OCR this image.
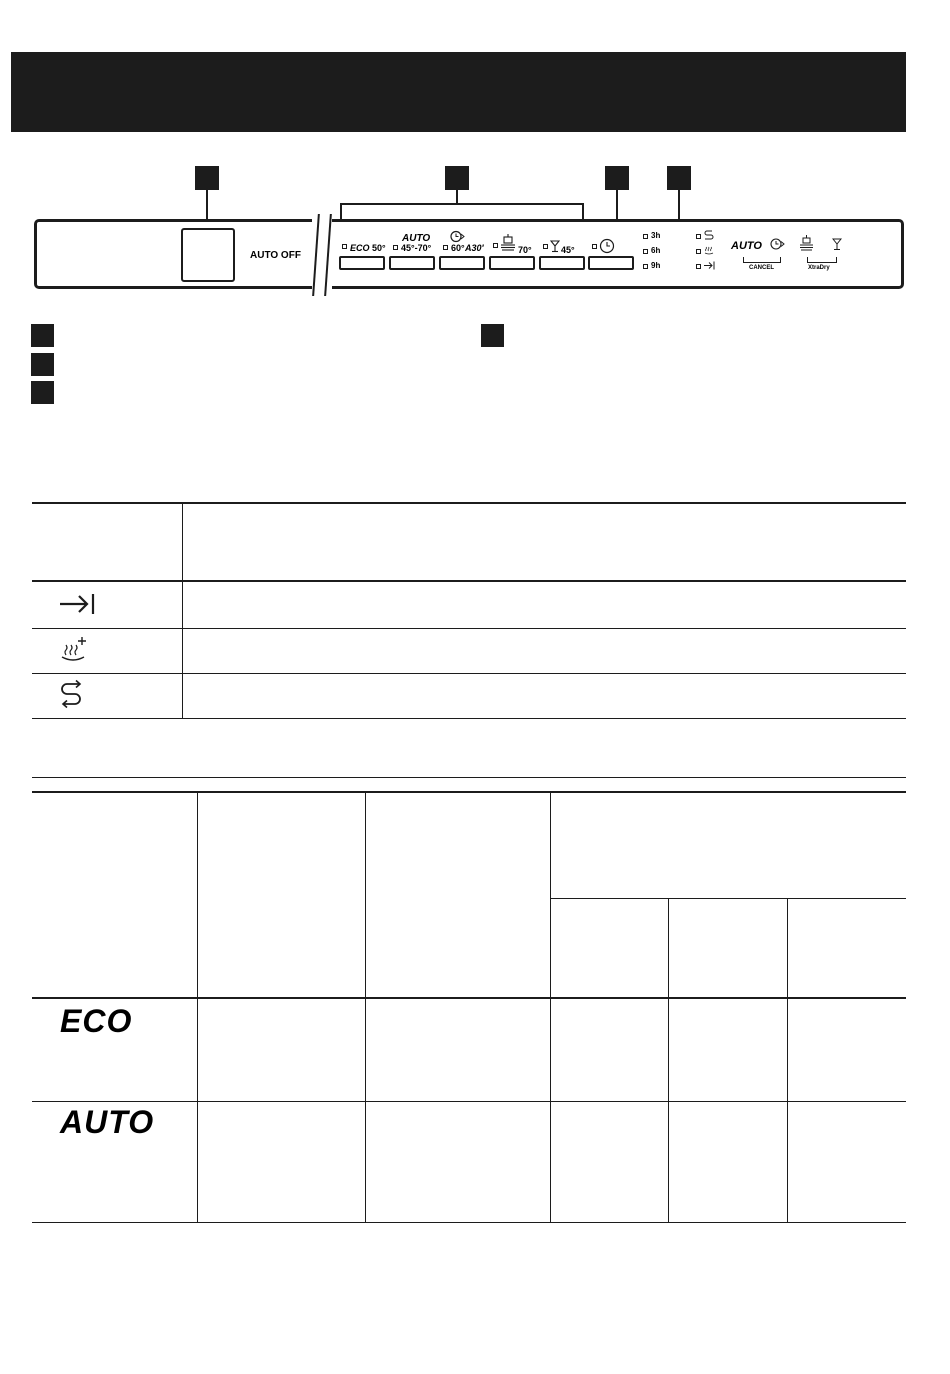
AUTO OFF
ECO 50°
AUTO
45°-70° 60° A30′	70°	45°
3h
6h
9h
AUTO
CANCEL	XtraDry
ECO
AUTO
